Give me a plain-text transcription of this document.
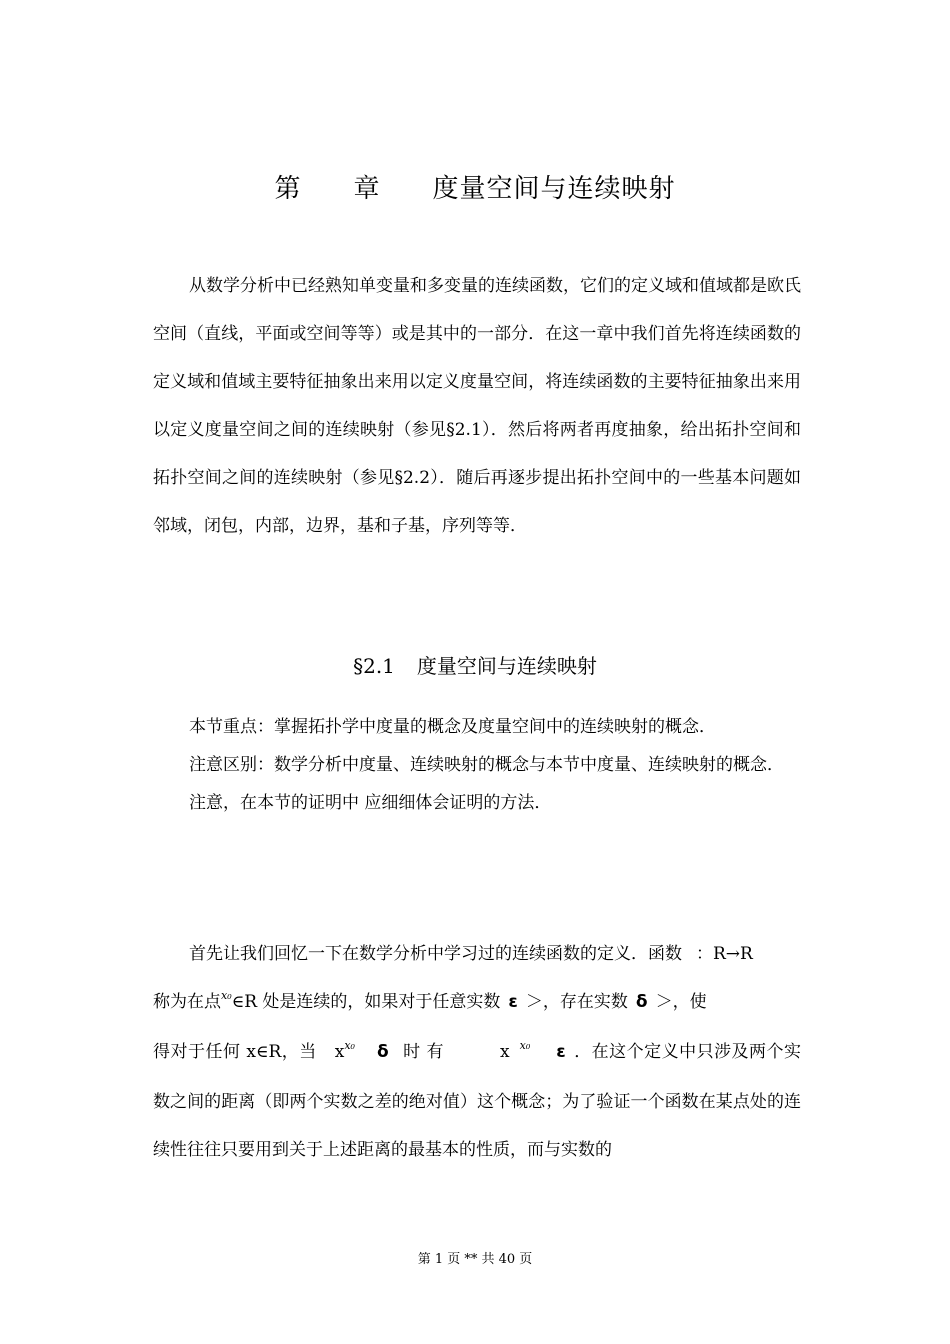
第 章 度量空间与连续映射

从数学分析中已经熟知单变量和多变量的连续函数，它们的定义域和值域都是欧氏空间（直线，平面或空间等等）或是其中的一部分．在这一章中我们首先将连续函数的定义域和值域主要特征抽象出来用以定义度量空间，将连续函数的主要特征抽象出来用以定义度量空间之间的连续映射（参见§2.1）．然后将两者再度抽象，给出拓扑空间和拓扑空间之间的连续映射（参见§2.2）．随后再逐步提出拓扑空间中的一些基本问题如邻域，闭包，内部，边界，基和子基，序列等等．

§2.1 度量空间与连续映射

本节重点：掌握拓扑学中度量的概念及度量空间中的连续映射的概念．

注意区别：数学分析中度量、连续映射的概念与本节中度量、连续映射的概念．

注意，在本节的证明中 应细细体会证明的方法．

首先让我们回忆一下在数学分析中学习过的连续函数的定义．函数 ：R→R
称为在点$^{x_0}$∈R 处是连续的，如果对于任意实数 ε ＞，存在实数 δ ＞，使
得对于任何 x∈R，当 $x^{x_0}$ δ 时 有	x $^{x_0}$ ε ．在这个定义中只涉及两个实数之间的距离（即两个实数之差的绝对值）这个概念；为了验证一个函数在某点处的连续性往往只要用到关于上述距离的最基本的性质，而与实数的

第 1 页 ** 共 40 页
